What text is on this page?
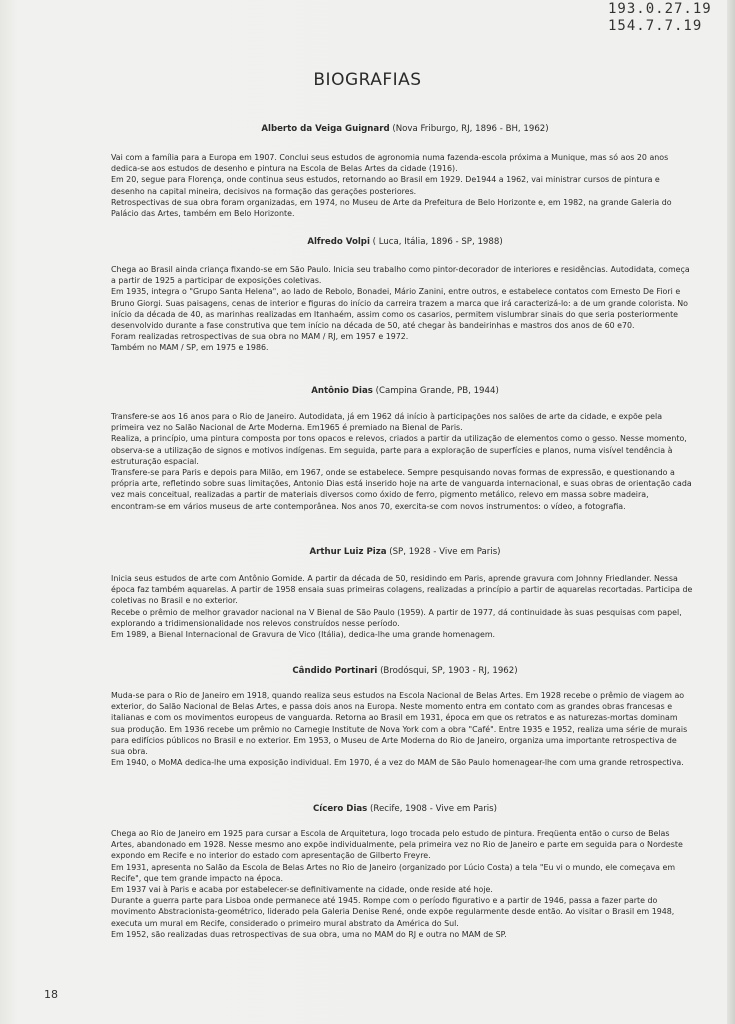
193.0.27.19
154.7.7.19
BIOGRAFIAS
Alberto da Veiga Guignard (Nova Friburgo, RJ, 1896 - BH, 1962)

Vai com a família para a Europa em 1907. Conclui seus estudos de agronomia numa fazenda-escola próxima a Munique, mas só aos 20 anos dedica-se aos estudos de desenho e pintura na Escola de Belas Artes da cidade (1916).

Em 20, segue para Florença, onde continua seus estudos, retornando ao Brasil em 1929. De1944 a 1962, vai ministrar cursos de pintura e desenho na capital mineira, decisivos na formação das gerações posteriores.

Retrospectivas de sua obra foram organizadas, em 1974, no Museu de Arte da Prefeitura de Belo Horizonte e, em 1982, na grande Galeria do Palácio das Artes, também em Belo Horizonte.

Alfredo Volpi ( Luca, Itália, 1896 - SP, 1988)

Chega ao Brasil ainda criança fixando-se em São Paulo. Inicia seu trabalho como pintor-decorador de interiores e residências. Autodidata, começa a partir de 1925 a participar de exposições coletivas.

Em 1935, integra o "Grupo Santa Helena", ao lado de Rebolo, Bonadei, Mário Zanini, entre outros, e estabelece contatos com Ernesto De Fiori e Bruno Giorgi. Suas paisagens, cenas de interior e figuras do início da carreira trazem a marca que irá caracterizá-lo: a de um grande colorista. No início da década de 40, as marinhas realizadas em Itanhaém, assim como os casarios, permitem vislumbrar sinais do que seria posteriormente desenvolvido durante a fase construtiva que tem início na década de 50, até chegar às bandeirinhas e mastros dos anos de 60 e70.

Foram realizadas retrospectivas de sua obra no MAM / RJ, em 1957 e 1972.

Também no MAM / SP, em 1975 e 1986.

Antônio Dias (Campina Grande, PB, 1944)

Transfere-se aos 16 anos para o Rio de Janeiro. Autodidata, já em 1962 dá início à participações nos salões de arte da cidade, e expõe pela primeira vez no Salão Nacional de Arte Moderna. Em1965 é premiado na Bienal de Paris.

Realiza, a princípio, uma pintura composta por tons opacos e relevos, criados a partir da utilização de elementos como o gesso. Nesse momento, observa-se a utilização de signos e motivos indígenas. Em seguida, parte para a exploração de superfícies e planos, numa visível tendência à estruturação espacial.

Transfere-se para Paris e depois para Milão, em 1967, onde se estabelece. Sempre pesquisando novas formas de expressão, e questionando a própria arte, refletindo sobre suas limitações, Antonio Dias está inserido hoje na arte de vanguarda internacional, e suas obras de orientação cada vez mais conceitual, realizadas a partir de materiais diversos como óxido de ferro, pigmento metálico, relevo em massa sobre madeira, encontram-se em vários museus de arte contemporânea. Nos anos 70, exercita-se com novos instrumentos: o vídeo, a fotografia.

Arthur Luiz Piza (SP, 1928 - Vive em Paris)

Inicia seus estudos de arte com Antônio Gomide. A partir da década de 50, residindo em Paris, aprende gravura com Johnny Friedlander. Nessa época faz também aquarelas. A partir de 1958 ensaia suas primeiras colagens, realizadas a princípio a partir de aquarelas recortadas. Participa de coletivas no Brasil e no exterior.

Recebe o prêmio de melhor gravador nacional na V Bienal de São Paulo (1959). A partir de 1977, dá continuidade às suas pesquisas com papel, explorando a tridimensionalidade nos relevos construídos nesse período.

Em 1989, a Bienal Internacional de Gravura de Vico (Itália), dedica-lhe uma grande homenagem.

Cândido Portinari (Brodósqui, SP, 1903 - RJ, 1962)

Muda-se para o Rio de Janeiro em 1918, quando realiza seus estudos na Escola Nacional de Belas Artes. Em 1928 recebe o prêmio de viagem ao exterior, do Salão Nacional de Belas Artes, e passa dois anos na Europa. Neste momento entra em contato com as grandes obras francesas e italianas e com os movimentos europeus de vanguarda. Retorna ao Brasil em 1931, época em que os retratos e as naturezas-mortas dominam sua produção. Em 1936 recebe um prêmio no Carnegie Institute de Nova York com a obra "Café". Entre 1935 e 1952, realiza uma série de murais para edifícios públicos no Brasil e no exterior. Em 1953, o Museu de Arte Moderna do Rio de Janeiro, organiza uma importante retrospectiva de sua obra.

Em 1940, o MoMA dedica-lhe uma exposição individual. Em 1970, é a vez do MAM de São Paulo homenagear-lhe com uma grande retrospectiva.

Cícero Dias (Recife, 1908 - Vive em Paris)

Chega ao Rio de Janeiro em 1925 para cursar a Escola de Arquitetura, logo trocada pelo estudo de pintura. Freqüenta então o curso de Belas Artes, abandonado em 1928. Nesse mesmo ano expõe individualmente, pela primeira vez no Rio de Janeiro e parte em seguida para o Nordeste expondo em Recife e no interior do estado com apresentação de Gilberto Freyre.

Em 1931, apresenta no Salão da Escola de Belas Artes no Rio de Janeiro (organizado por Lúcio Costa) a tela "Eu vi o mundo, ele começava em Recife", que tem grande impacto na época.

Em 1937 vai à Paris e acaba por estabelecer-se definitivamente na cidade, onde reside até hoje.

Durante a guerra parte para Lisboa onde permanece até 1945. Rompe com o período figurativo e a partir de 1946, passa a fazer parte do movimento Abstracionista-geométrico, liderado pela Galeria Denise René, onde expõe regularmente desde então. Ao visitar o Brasil em 1948, executa um mural em Recife, considerado o primeiro mural abstrato da América do Sul.

Em 1952, são realizadas duas retrospectivas de sua obra, uma no MAM do RJ e outra no MAM de SP.

18
